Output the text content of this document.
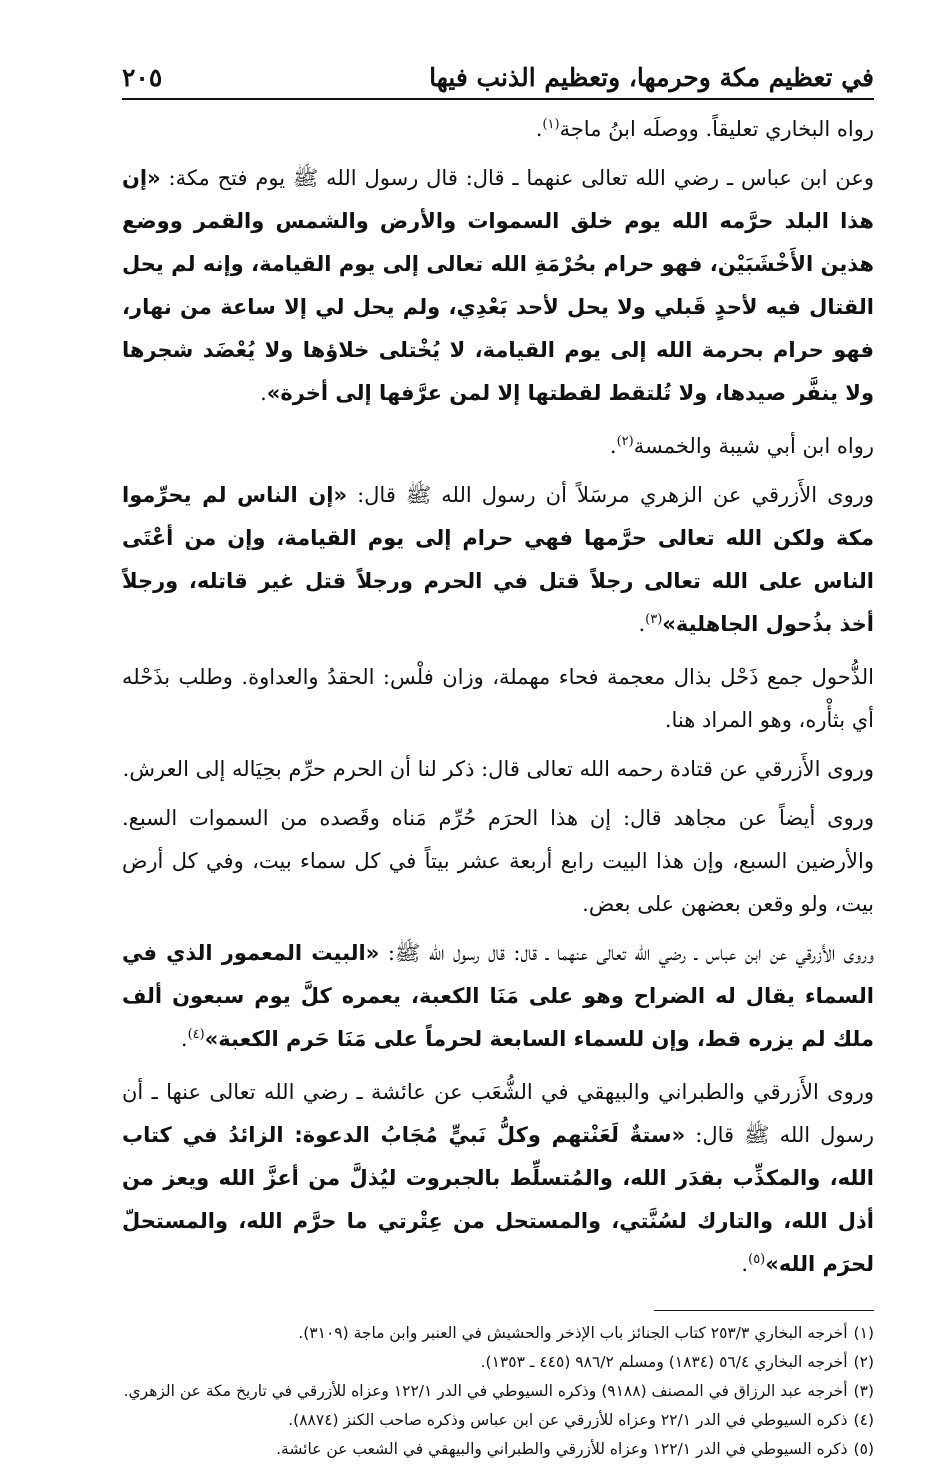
في تعظيم مكة وحرمها، وتعظيم الذنب فيها
٢٠٥

رواه البخاري تعليقاً. ووصلَه ابنُ ماجة$^{(١)}$.

وعن ابن عباس ـ رضي الله تعالى عنهما ـ قال: قال رسول الله ﷺ يوم فتح مكة: «إن هذا البلد حرَّمه الله يوم خلق السموات والأرض والشمس والقمر ووضع هذين الأَخْشَبَيْن، فهو حرام بحُرْمَةِ الله تعالى إلى يوم القيامة، وإنه لم يحل القتال فيه لأحدٍ قَبلي ولا يحل لأحد بَعْدِي، ولم يحل لي إلا ساعة من نهار، فهو حرام بحرمة الله إلى يوم القيامة، لا يُخْتلى خلاؤها ولا يُعْضَد شجرها ولا ينفَّر صيدها، ولا تُلتقط لقطتها إلا لمن عرَّفها إلى أخرة».

رواه ابن أبي شيبة والخمسة$^{(٢)}$.

وروى الأَزرقي عن الزهري مرسَلاً أن رسول الله ﷺ قال: «إن الناس لم يحرِّموا مكة ولكن الله تعالى حرَّمها فهي حرام إلى يوم القيامة، وإن من أعْتَى الناس على الله تعالى رجلاً قتل في الحرم ورجلاً قتل غير قاتله، ورجلاً أخذ بذُحول الجاهلية»$^{(٣)}$.

الذُّحول جمع ذَحْل بذال معجمة فحاء مهملة، وزان فلْس: الحقدُ والعداوة. وطلب بذَحْله أي بثأْره، وهو المراد هنا.

وروى الأَزرقي عن قتادة رحمه الله تعالى قال: ذكر لنا أن الحرم حرِّم بحِيَاله إلى العرش.

وروى أيضاً عن مجاهد قال: إن هذا الحرَم حُرِّم مَناه وقَصده من السموات السبع. والأرضين السبع، وإن هذا البيت رابع أربعة عشر بيتاً في كل سماء بيت، وفي كل أرض بيت، ولو وقعن بعضهن على بعض.

وروى الأَزرقي عن ابن عباس ـ رضي الله تعالى عنهما ـ قال: قال رسول الله ﷺ: «البيت المعمور الذي في السماء يقال له الضراح وهو على مَنَا الكعبة، يعمره كلَّ يوم سبعون ألف ملك لم يزره قط، وإن للسماء السابعة لحرماً على مَنَا حَرم الكعبة»$^{(٤)}$.

وروى الأَزرقي والطبراني والبيهقي في الشُّعَب عن عائشة ـ رضي الله تعالى عنها ـ أن رسول الله ﷺ قال: «ستةٌ لَعَنْتهم وكلُّ نَبيٍّ مُجَابُ الدعوة: الزائدُ في كتاب الله، والمكذِّب بقدَر الله، والمُتسلِّط بالجبروت ليُذلَّ من أعزَّ الله ويعز من أذل الله، والتارك لسُنَّتي، والمستحل من عِتْرتي ما حرَّم الله، والمستحلّ لحرَم الله»$^{(٥)}$.

(١)أخرجه البخاري ٢٥٣/٣ كتاب الجنائز باب الإذخر والحشيش في العنبر وابن ماجة (٣١٠٩).

(٢)أخرجه البخاري ٥٦/٤ (١٨٣٤) ومسلم ٩٨٦/٢ (٤٤٥ ـ ١٣٥٣).

(٣)أخرجه عبد الرزاق في المصنف (٩١٨٨) وذكره السيوطي في الدر ١٢٢/١ وعزاه للأزرقي في تاريخ مكة عن الزهري.

(٤)ذكره السيوطي في الدر ٢٢/١ وعزاه للأزرقي عن ابن عباس وذكره صاحب الكنز (٨٨٧٤).

(٥)ذكره السيوطي في الدر ١٢٢/١ وعزاه للأزرقي والطبراني والبيهقي في الشعب عن عائشة.
